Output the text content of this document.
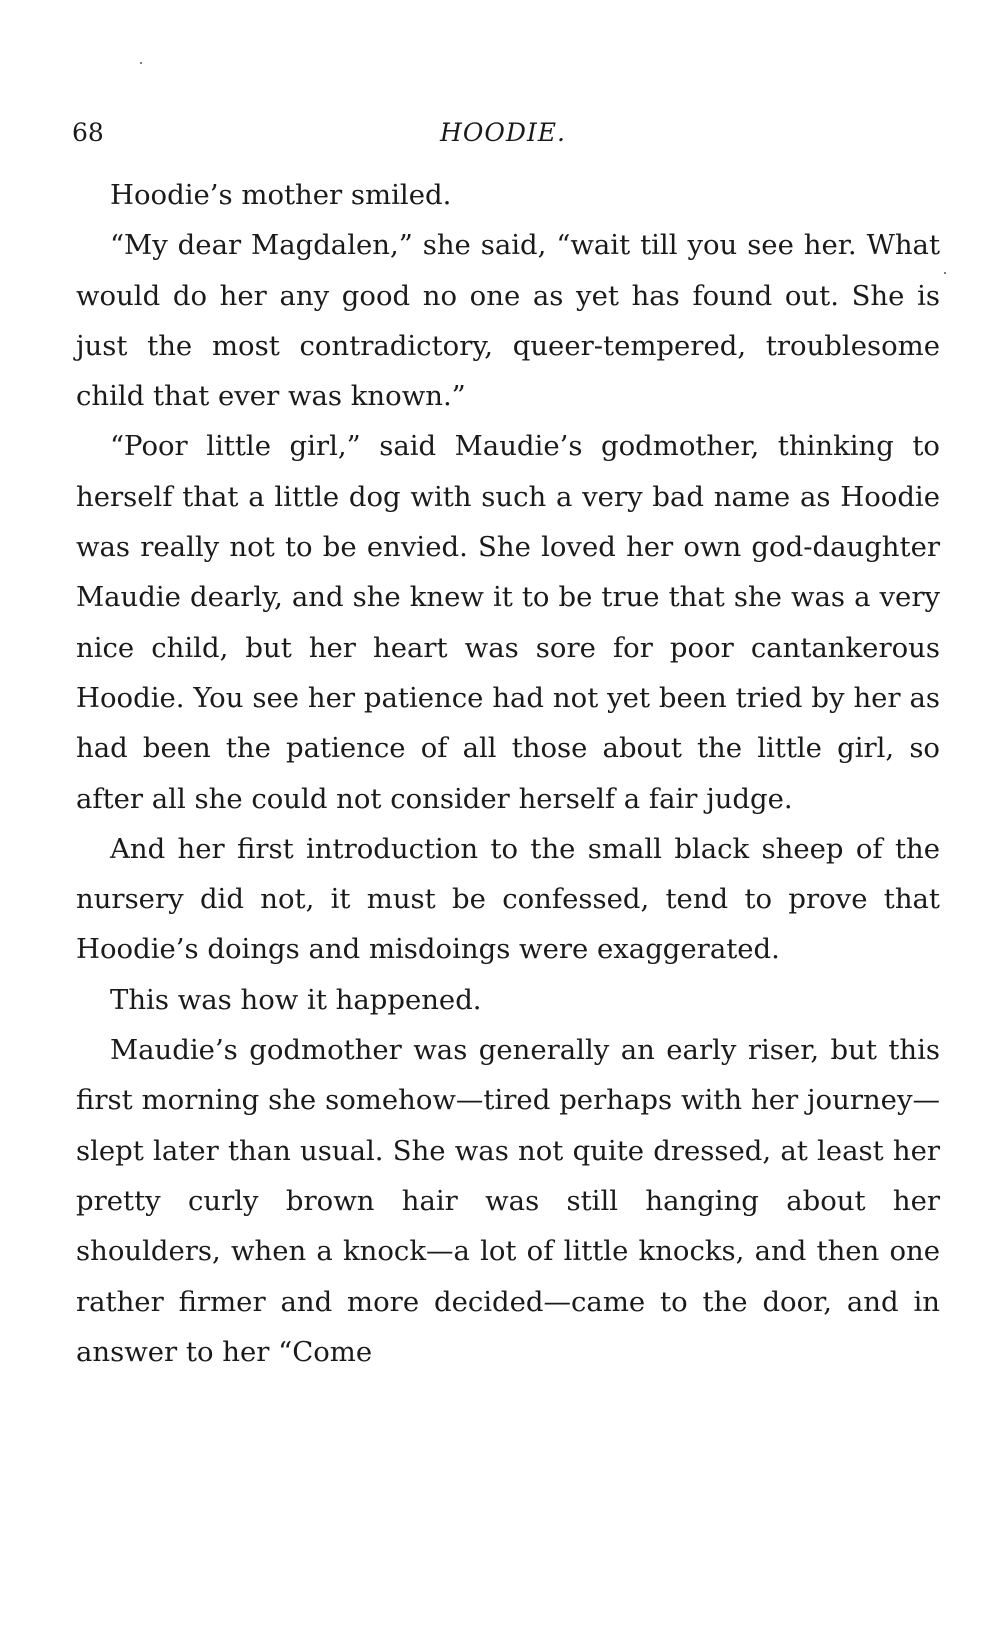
68	HOODIE.

Hoodie’s mother smiled.

“My dear Magdalen,” she said, “wait till you see her. What would do her any good no one as yet has found out. She is just the most contradictory, queer-tempered, troublesome child that ever was known.”

“Poor little girl,” said Maudie’s godmother, thinking to herself that a little dog with such a very bad name as Hoodie was really not to be envied. She loved her own god-daughter Maudie dearly, and she knew it to be true that she was a very nice child, but her heart was sore for poor cantankerous Hoodie. You see her patience had not yet been tried by her as had been the patience of all those about the little girl, so after all she could not consider herself a fair judge.

And her first introduction to the small black sheep of the nursery did not, it must be confessed, tend to prove that Hoodie’s doings and misdoings were exaggerated.

This was how it happened.

Maudie’s godmother was generally an early riser, but this first morning she somehow—tired perhaps with her journey—slept later than usual. She was not quite dressed, at least her pretty curly brown hair was still hanging about her shoulders, when a knock—a lot of little knocks, and then one rather firmer and more decided—came to the door, and in answer to her “Come
